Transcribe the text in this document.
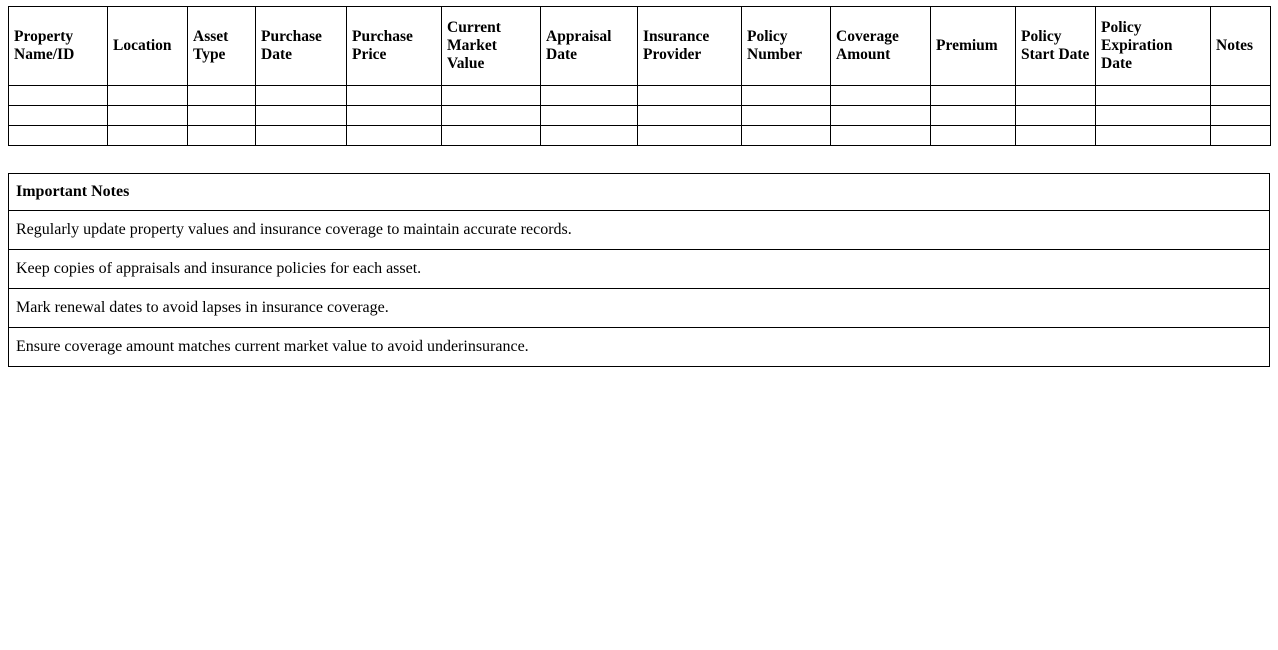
Property Name/ID	Location	Asset Type	Purchase Date	Purchase Price	Current Market Value	Appraisal Date	Insurance Provider	Policy Number	Coverage Amount	Premium	Policy Start Date	Policy Expiration Date	Notes

Important Notes
Regularly update property values and insurance coverage to maintain accurate records.
Keep copies of appraisals and insurance policies for each asset.
Mark renewal dates to avoid lapses in insurance coverage.
Ensure coverage amount matches current market value to avoid underinsurance.
